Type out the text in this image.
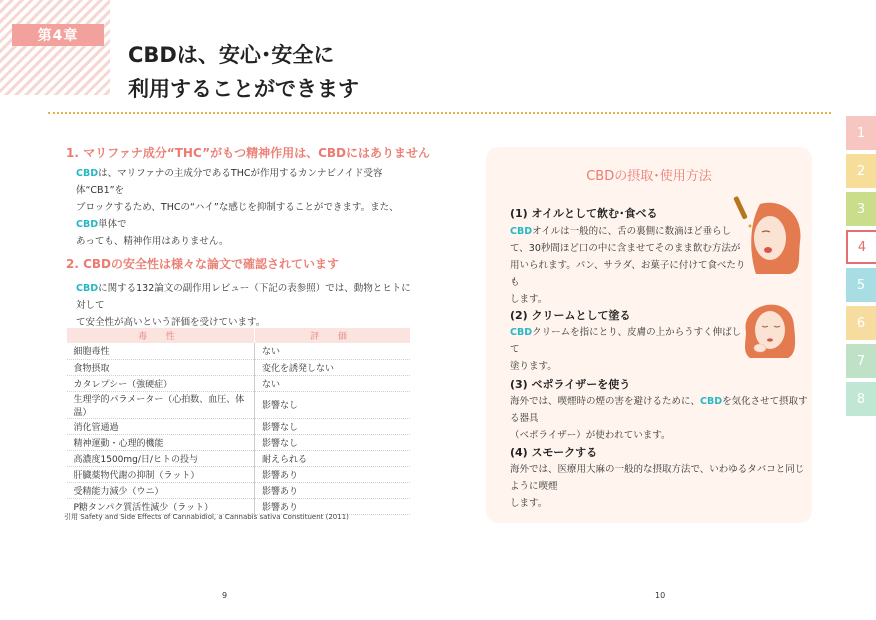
第4章
CBDは、安心･安全に
利用することができます
1. マリファナ成分“THC”がもつ精神作用は、CBDにはありません
CBDは、マリファナの主成分であるTHCが作用するカンナビノイド受容体“CB1”を
ブロックするため、THCの“ハイ”な感じを抑制することができます。また、CBD単体で
あっても、精神作用はありません。
2. CBDの安全性は様々な論文で確認されています
CBDに関する132論文の副作用レビュー（下記の表参照）では、動物とヒトに対して
て安全性が高いという評価を受けています。
毒 性	評 価
細胞毒性	ない
食物摂取	変化を誘発しない
カタレプシー（強硬症）	ない
生理学的パラメーター（心拍数、血圧、体温）	影響なし
消化管通過	影響なし
精神運動・心理的機能	影響なし
高濃度1500mg/日/ヒトの投与	耐えられる
肝臓薬物代謝の抑制（ラット）	影響あり
受精能力減少（ウニ）	影響あり
P糖タンパク質活性減少（ラット）	影響あり
引用 Safety and Side Effects of Cannabidiol, a Cannabis sativa Constituent (2011)
9	10
CBDの摂取･使用方法
(1) オイルとして飲む･食べる
CBDオイルは一般的に、舌の裏側に数滴ほど垂らし
て、30秒間ほど口の中に含ませてそのまま飲む方法が
用いられます。パン、サラダ、お菓子に付けて食べたりも
します。
(2) クリームとして塗る
CBDクリームを指にとり、皮膚の上からうすく伸ばして
塗ります。
(3) ベポライザーを使う
海外では、喫煙時の煙の害を避けるために、CBDを気化させて摂取する器具
（ベポライザー）が使われています。
(4) スモークする
海外では、医療用大麻の一般的な摂取方法で、いわゆるタバコと同じように喫煙
します。
1
2
3
4
5
6
7
8
